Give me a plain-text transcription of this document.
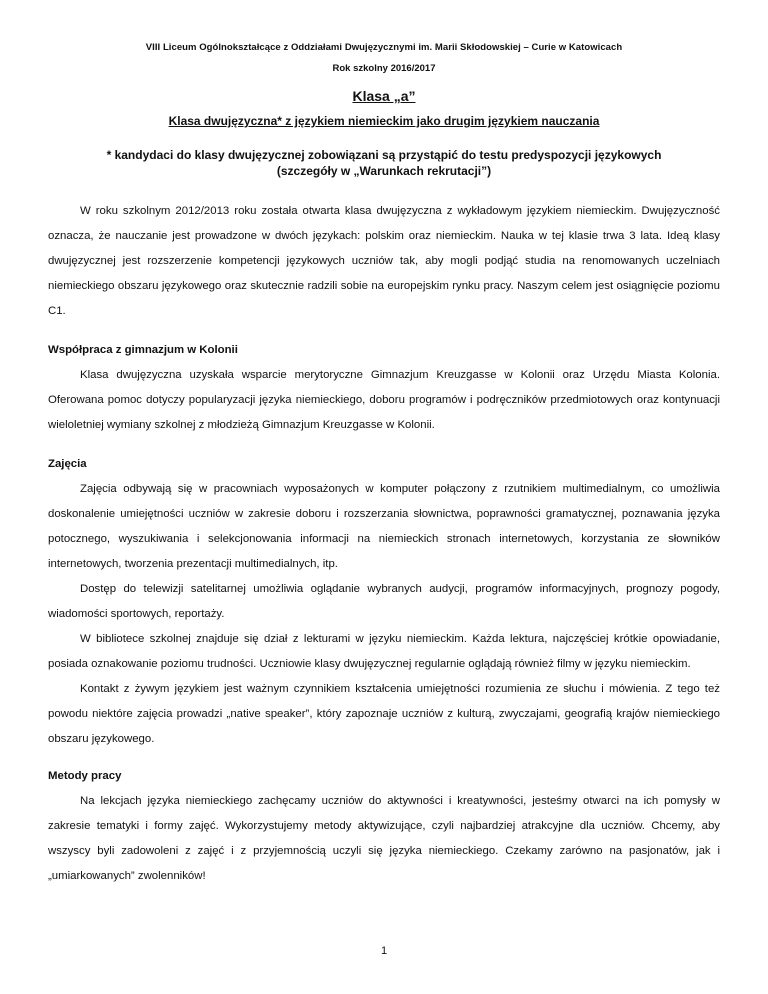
VIII Liceum Ogólnokształcące z Oddziałami Dwujęzycznymi im. Marii Skłodowskiej – Curie w Katowicach
Rok szkolny 2016/2017
Klasa „a”
Klasa dwujęzyczna* z językiem niemieckim jako drugim językiem nauczania
* kandydaci do klasy dwujęzycznej zobowiązani są przystąpić do testu predyspozycji językowych
(szczegóły w „Warunkach rekrutacji”)

W roku szkolnym 2012/2013 roku została otwarta klasa dwujęzyczna z wykładowym językiem niemieckim. Dwujęzyczność oznacza, że nauczanie jest prowadzone w dwóch językach: polskim oraz niemieckim. Nauka w tej klasie trwa 3 lata. Ideą klasy dwujęzycznej jest rozszerzenie kompetencji językowych uczniów tak, aby mogli podjąć studia na renomowanych uczelniach niemieckiego obszaru językowego oraz skutecznie radzili sobie na europejskim rynku pracy. Naszym celem jest osiągnięcie poziomu C1.

Współpraca z gimnazjum w Kolonii

Klasa dwujęzyczna uzyskała wsparcie merytoryczne Gimnazjum Kreuzgasse w Kolonii oraz Urzędu Miasta Kolonia. Oferowana pomoc dotyczy popularyzacji języka niemieckiego, doboru programów i podręczników przedmiotowych oraz kontynuacji wieloletniej wymiany szkolnej z młodzieżą Gimnazjum Kreuzgasse w Kolonii.

Zajęcia

Zajęcia odbywają się w pracowniach wyposażonych w komputer połączony z rzutnikiem multimedialnym, co umożliwia doskonalenie umiejętności uczniów w zakresie doboru i rozszerzania słownictwa, poprawności gramatycznej, poznawania języka potocznego, wyszukiwania i selekcjonowania informacji na niemieckich stronach internetowych, korzystania ze słowników internetowych, tworzenia prezentacji multimedialnych, itp.

Dostęp do telewizji satelitarnej umożliwia oglądanie wybranych audycji, programów informacyjnych, prognozy pogody, wiadomości sportowych, reportaży.

W bibliotece szkolnej znajduje się dział z lekturami w języku niemieckim. Każda lektura, najczęściej krótkie opowiadanie, posiada oznakowanie poziomu trudności. Uczniowie klasy dwujęzycznej regularnie oglądają również filmy w języku niemieckim.

Kontakt z żywym językiem jest ważnym czynnikiem kształcenia umiejętności rozumienia ze słuchu i mówienia. Z tego też powodu niektóre zajęcia prowadzi „native speaker”, który zapoznaje uczniów z kulturą, zwyczajami, geografią krajów niemieckiego obszaru językowego.

Metody pracy

Na lekcjach języka niemieckiego zachęcamy uczniów do aktywności i kreatywności, jesteśmy otwarci na ich pomysły w zakresie tematyki i formy zajęć. Wykorzystujemy metody aktywizujące, czyli najbardziej atrakcyjne dla uczniów. Chcemy, aby wszyscy byli zadowoleni z zajęć i z przyjemnością uczyli się języka niemieckiego. Czekamy zarówno na pasjonatów, jak i „umiarkowanych” zwolenników!

1
